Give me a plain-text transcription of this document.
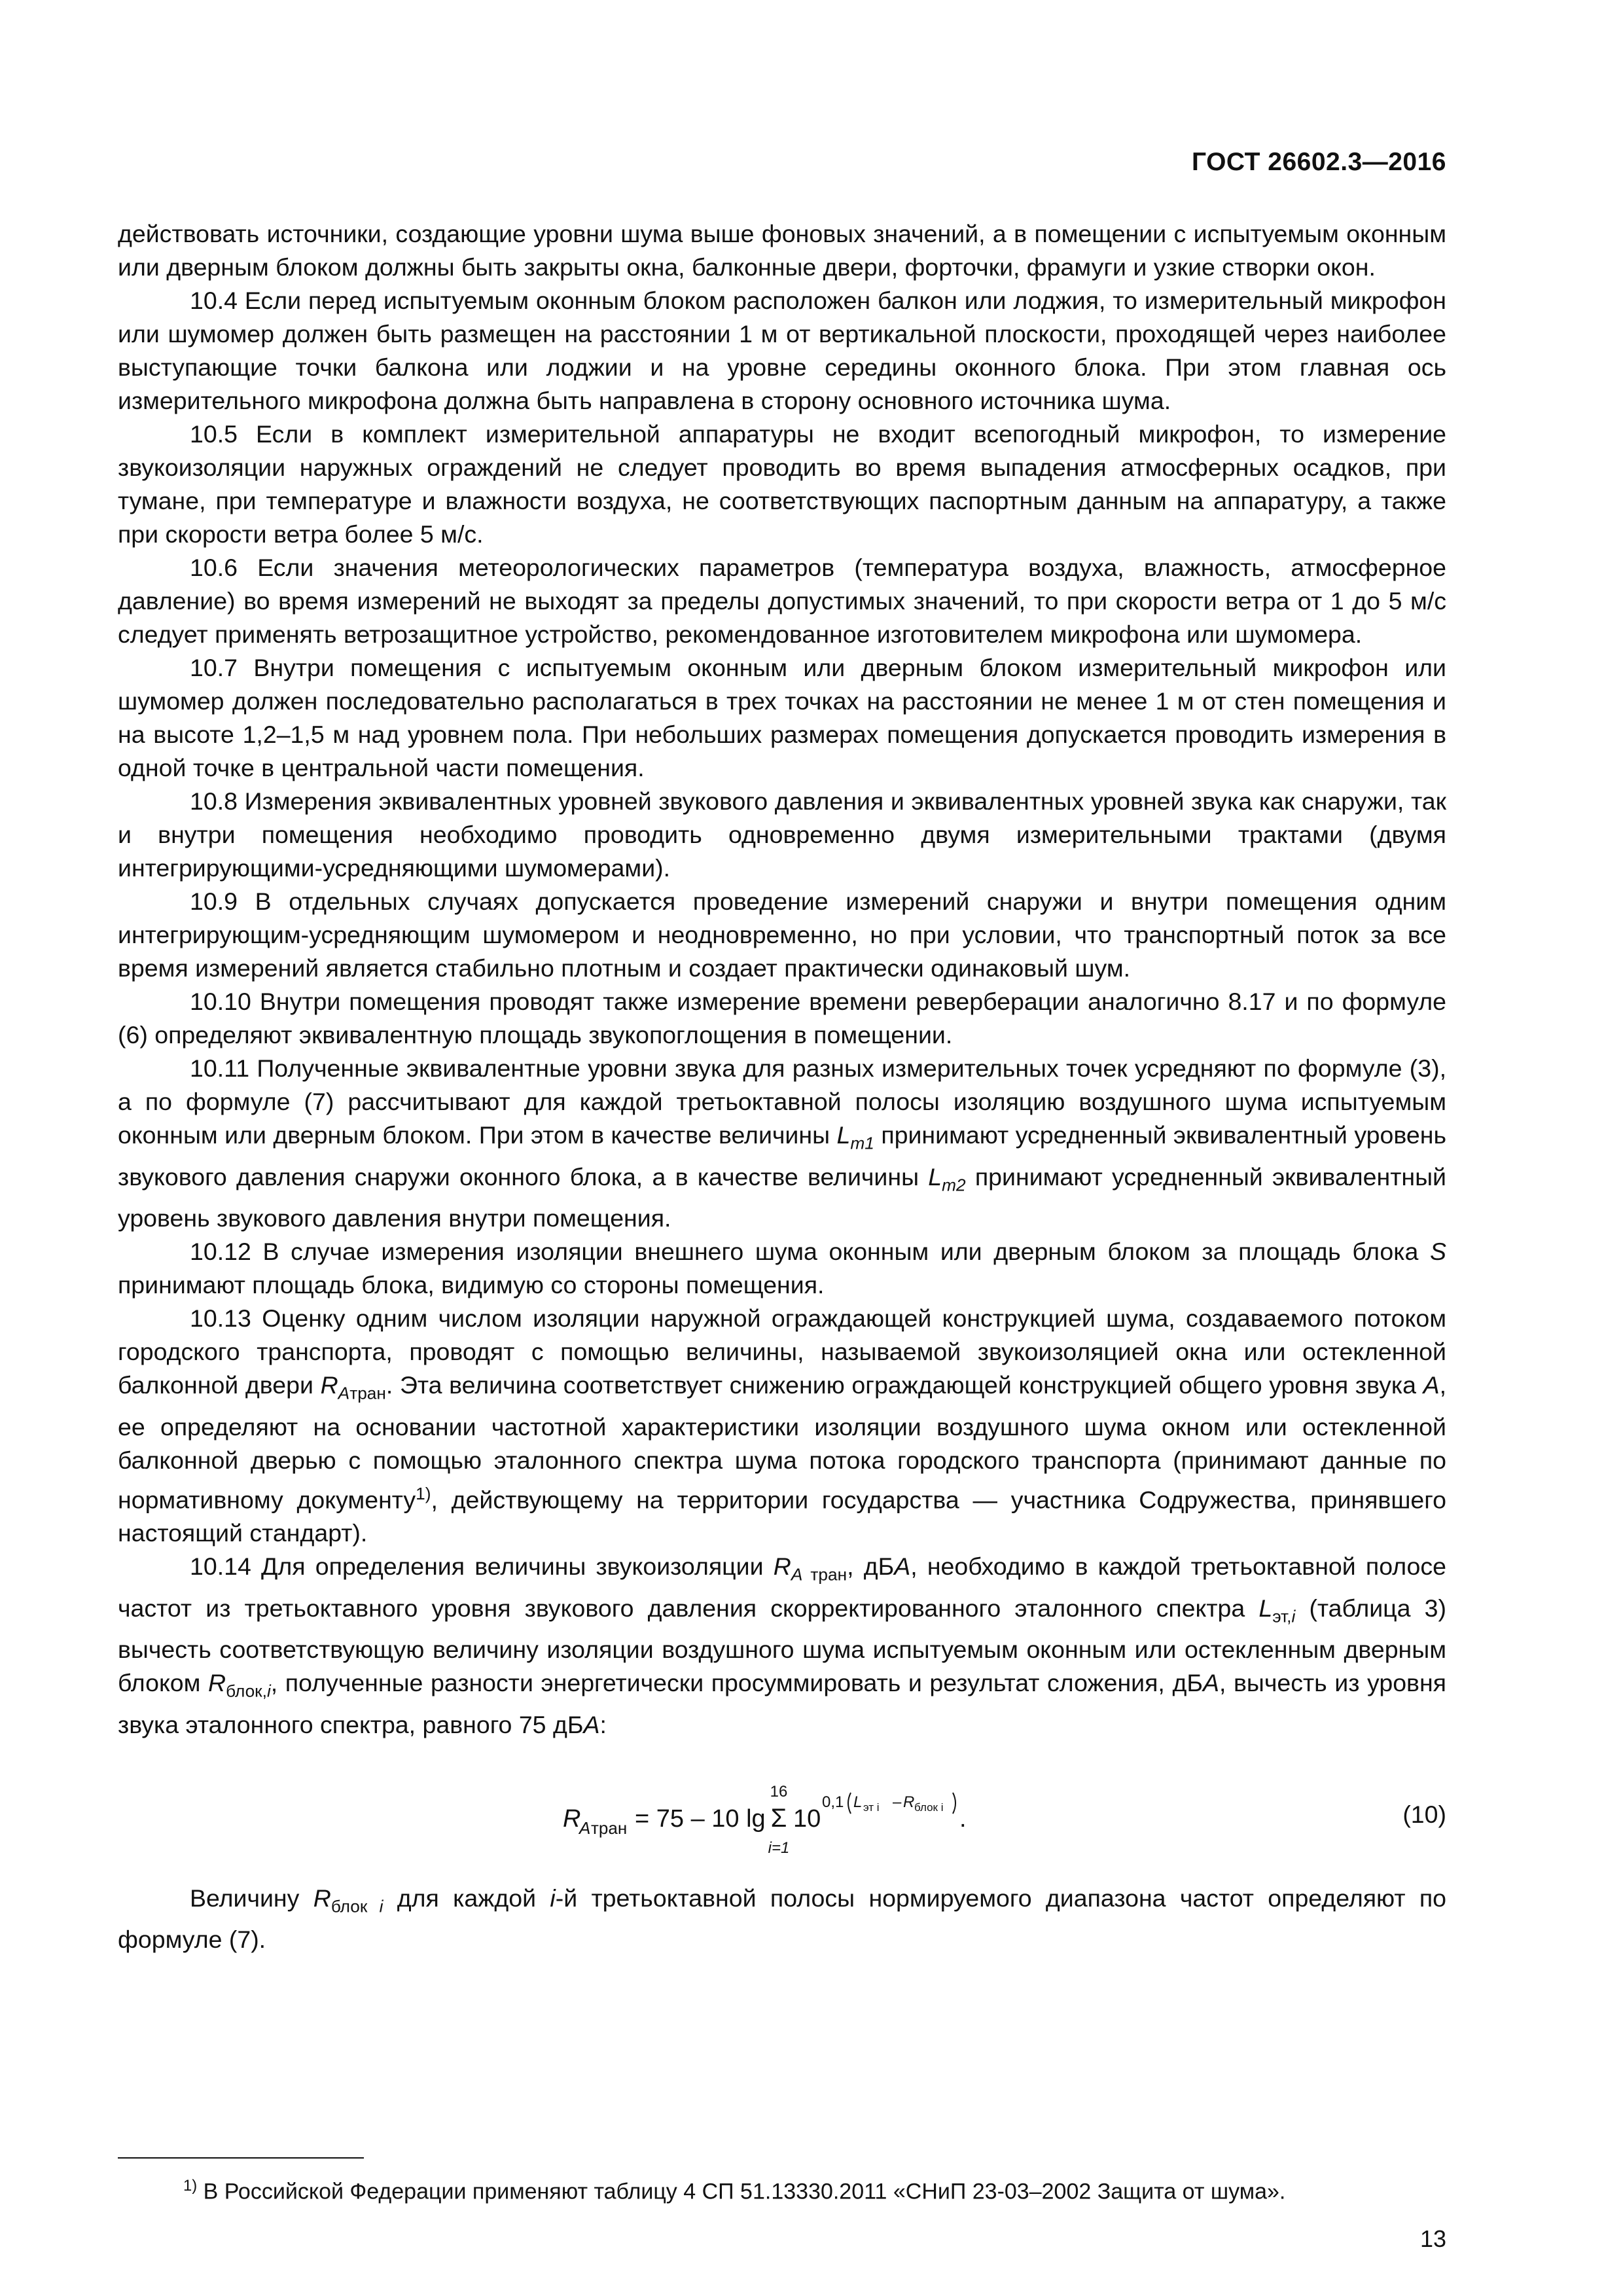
ГОСТ 26602.3—2016

действовать источники, создающие уровни шума выше фоновых значений, а в помещении с испытуемым оконным или дверным блоком должны быть закрыты окна, балконные двери, форточки, фрамуги и узкие створки окон.

10.4 Если перед испытуемым оконным блоком расположен балкон или лоджия, то измерительный микрофон или шумомер должен быть размещен на расстоянии 1 м от вертикальной плоскости, проходящей через наиболее выступающие точки балкона или лоджии и на уровне середины оконного блока. При этом главная ось измерительного микрофона должна быть направлена в сторону основного источника шума.

10.5 Если в комплект измерительной аппаратуры не входит всепогодный микрофон, то измерение звукоизоляции наружных ограждений не следует проводить во время выпадения атмосферных осадков, при тумане, при температуре и влажности воздуха, не соответствующих паспортным данным на аппаратуру, а также при скорости ветра более 5 м/с.

10.6 Если значения метеорологических параметров (температура воздуха, влажность, атмосферное давление) во время измерений не выходят за пределы допустимых значений, то при скорости ветра от 1 до 5 м/с следует применять ветрозащитное устройство, рекомендованное изготовителем микрофона или шумомера.

10.7 Внутри помещения с испытуемым оконным или дверным блоком измерительный микрофон или шумомер должен последовательно располагаться в трех точках на расстоянии не менее 1 м от стен помещения и на высоте 1,2–1,5 м над уровнем пола. При небольших размерах помещения допускается проводить измерения в одной точке в центральной части помещения.

10.8 Измерения эквивалентных уровней звукового давления и эквивалентных уровней звука как снаружи, так и внутри помещения необходимо проводить одновременно двумя измерительными трактами (двумя интегрирующими-усредняющими шумомерами).

10.9 В отдельных случаях допускается проведение измерений снаружи и внутри помещения одним интегрирующим-усредняющим шумомером и неодновременно, но при условии, что транспортный поток за все время измерений является стабильно плотным и создает практически одинаковый шум.

10.10 Внутри помещения проводят также измерение времени реверберации аналогично 8.17 и по формуле (6) определяют эквивалентную площадь звукопоглощения в помещении.

10.11 Полученные эквивалентные уровни звука для разных измерительных точек усредняют по формуле (3), а по формуле (7) рассчитывают для каждой третьоктавной полосы изоляцию воздушного шума испытуемым оконным или дверным блоком. При этом в качестве величины $L_{m1}$ принимают усредненный эквивалентный уровень звукового давления снаружи оконного блока, а в качестве величины $L_{m2}$ принимают усредненный эквивалентный уровень звукового давления внутри помещения.

10.12 В случае измерения изоляции внешнего шума оконным или дверным блоком за площадь блока S принимают площадь блока, видимую со стороны помещения.

10.13 Оценку одним числом изоляции наружной ограждающей конструкцией шума, создаваемого потоком городского транспорта, проводят с помощью величины, называемой звукоизоляцией окна или остекленной балконной двери $R_{Aтран}$. Эта величина соответствует снижению ограждающей конструкцией общего уровня звука A, ее определяют на основании частотной характеристики изоляции воздушного шума окном или остекленной балконной дверью с помощью эталонного спектра шума потока городского транспорта (принимают данные по нормативному документу$^{1)}$, действующему на территории государства — участника Содружества, принявшего настоящий стандарт).

10.14 Для определения величины звукоизоляции $R_{A тран}$, дБA, необходимо в каждой третьоктавной полосе частот из третьоктавного уровня звукового давления скорректированного эталонного спектра $L_{эт,i}$ (таблица 3) вычесть соответствующую величину изоляции воздушного шума испытуемым оконным или остекленным дверным блоком $R_{блок,i}$, полученные разности энергетически просуммировать и результат сложения, дБA, вычесть из уровня звука эталонного спектра, равного 75 дБA:

R
A тран = 75 – 10 lg
16
Σ
i=1
10
0,1 L эт i – R блок i .	(10)

Величину $R_{блок i}$ для каждой i-й третьоктавной полосы нормируемого диапазона частот определяют по формуле (7).

$^{1)}$ В Российской Федерации применяют таблицу 4 СП 51.13330.2011 «СНиП 23-03–2002 Защита от шума».
13
